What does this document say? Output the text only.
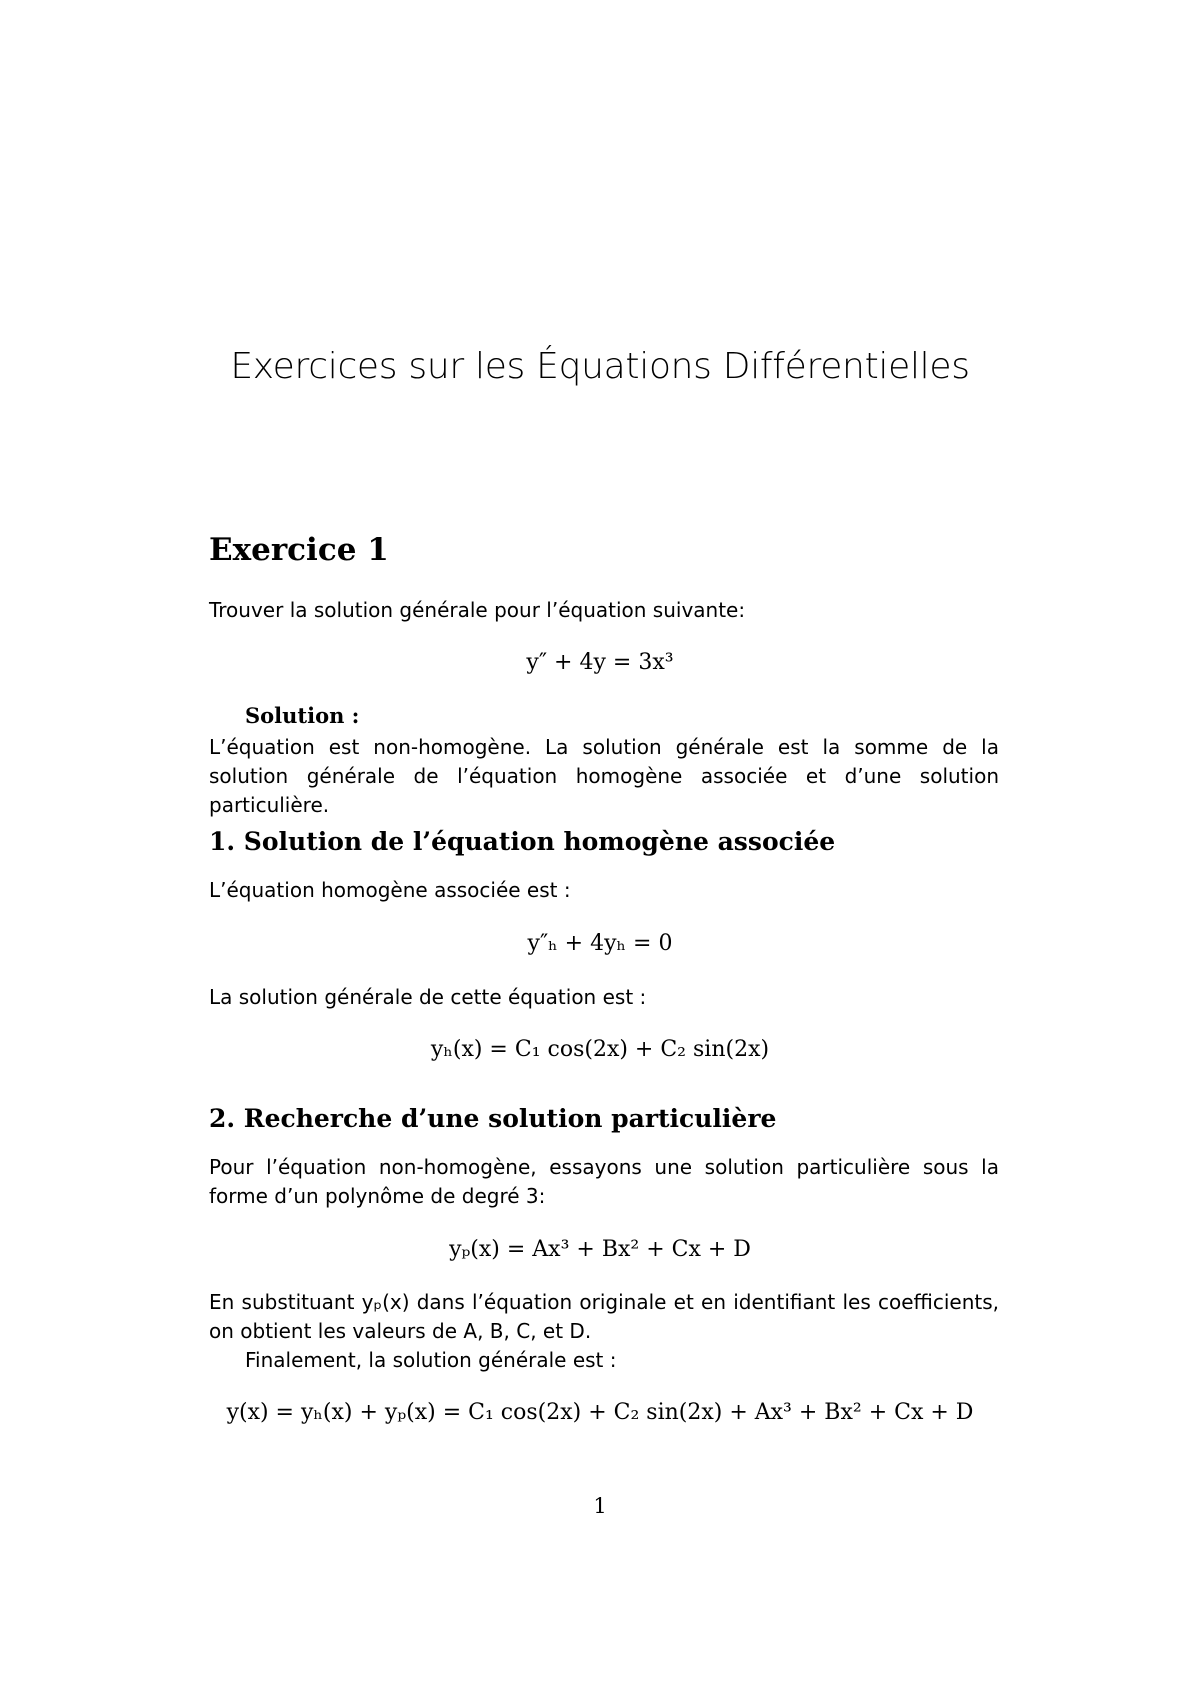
Exercices sur les Équations Différentielles
Exercice 1

Trouver la solution générale pour l’équation suivante:

y″ + 4y = 3x³

Solution :

L’équation est non-homogène. La solution générale est la somme de la solution générale de l’équation homogène associée et d’une solution particulière.

1. Solution de l’équation homogène associée

L’équation homogène associée est :

y″ₕ + 4yₕ = 0

La solution générale de cette équation est :

yₕ(x) = C₁ cos(2x) + C₂ sin(2x)

2. Recherche d’une solution particulière

Pour l’équation non-homogène, essayons une solution particulière sous la forme d’un polynôme de degré 3:

yₚ(x) = Ax³ + Bx² + Cx + D

En substituant yₚ(x) dans l’équation originale et en identifiant les coefficients, on obtient les valeurs de A, B, C, et D.

Finalement, la solution générale est :

y(x) = yₕ(x) + yₚ(x) = C₁ cos(2x) + C₂ sin(2x) + Ax³ + Bx² + Cx + D

1
